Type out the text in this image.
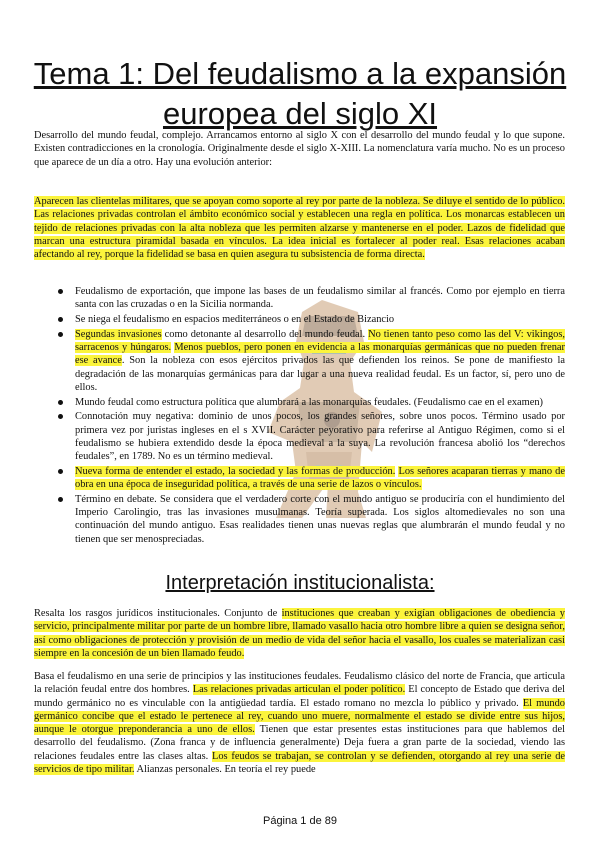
Tema 1: Del feudalismo a la expansión europea del siglo XI

Desarrollo del mundo feudal, complejo. Arrancamos entorno al siglo X con el desarrollo del mundo feudal y lo que supone. Existen contradicciones en la cronología. Originalmente desde el siglo X-XIII. La nomenclatura varía mucho. No es un proceso que aparece de un día a otro. Hay una evolución anterior:

Aparecen las clientelas militares, que se apoyan como soporte al rey por parte de la nobleza. Se diluye el sentido de lo público. Las relaciones privadas controlan el ámbito económico social y establecen una regla en política. Los monarcas establecen un tejido de relaciones privadas con la alta nobleza que les permiten alzarse y mantenerse en el poder. Lazos de fidelidad que marcan una estructura piramidal basada en vínculos. La idea inicial es fortalecer al poder real. Esas relaciones acaban afectando al rey, porque la fidelidad se basa en quien asegura tu subsistencia de forma directa.

Feudalismo de exportación, que impone las bases de un feudalismo similar al francés. Como por ejemplo en tierra santa con las cruzadas o en la Sicilia normanda.
Se niega el feudalismo en espacios mediterráneos o en el Estado de Bizancio
Segundas invasiones como detonante al desarrollo del mundo feudal. No tienen tanto peso como las del V: vikingos, sarracenos y húngaros. Menos pueblos, pero ponen en evidencia a las monarquías germánicas que no pueden frenar ese avance. Son la nobleza con esos ejércitos privados las que defienden los reinos. Se pone de manifiesto la degradación de las monarquías germánicas para dar lugar a una nueva realidad feudal. Es un factor, sí, pero uno de ellos.
Mundo feudal como estructura política que alumbrará a las monarquías feudales. (Feudalismo cae en el examen)
Connotación muy negativa: dominio de unos pocos, los grandes señores, sobre unos pocos. Término usado por primera vez por juristas ingleses en el s XVII. Carácter peyorativo para referirse al Antiguo Régimen, como si el feudalismo se hubiera extendido desde la época medieval a la suya. La revolución francesa abolió los “derechos feudales”, en 1789. No es un término medieval.
Nueva forma de entender el estado, la sociedad y las formas de producción. Los señores acaparan tierras y mano de obra en una época de inseguridad política, a través de una serie de lazos o vínculos.
Término en debate. Se considera que el verdadero corte con el mundo antiguo se produciría con el hundimiento del Imperio Carolingio, tras las invasiones musulmanas. Teoría superada. Los siglos altomedievales no son una continuación del mundo antiguo. Esas realidades tienen unas nuevas reglas que alumbrarán el mundo feudal y no tienen que ser menospreciadas.
Interpretación institucionalista:

Resalta los rasgos jurídicos institucionales. Conjunto de instituciones que creaban y exigían obligaciones de obediencia y servicio, principalmente militar por parte de un hombre libre, llamado vasallo hacia otro hombre libre a quien se designa señor, así como obligaciones de protección y provisión de un medio de vida del señor hacia el vasallo, los cuales se materializan casi siempre en la concesión de un bien llamado feudo.

Basa el feudalismo en una serie de principios y las instituciones feudales. Feudalismo clásico del norte de Francia, que articula la relación feudal entre dos hombres. Las relaciones privadas articulan el poder político. El concepto de Estado que deriva del mundo germánico no es vinculable con la antigüedad tardía. El estado romano no mezcla lo público y privado. El mundo germánico concibe que el estado le pertenece al rey, cuando uno muere, normalmente el estado se divide entre sus hijos, aunque le otorgue preponderancia a uno de ellos. Tienen que estar presentes estas instituciones para que hablemos del desarrollo del feudalismo. (Zona franca y de influencia generalmente) Deja fuera a gran parte de la sociedad, viendo las relaciones feudales entre las clases altas. Los feudos se trabajan, se controlan y se defienden, otorgando al rey una serie de servicios de tipo militar. Alianzas personales. En teoría el rey puede

Página 1 de 89
